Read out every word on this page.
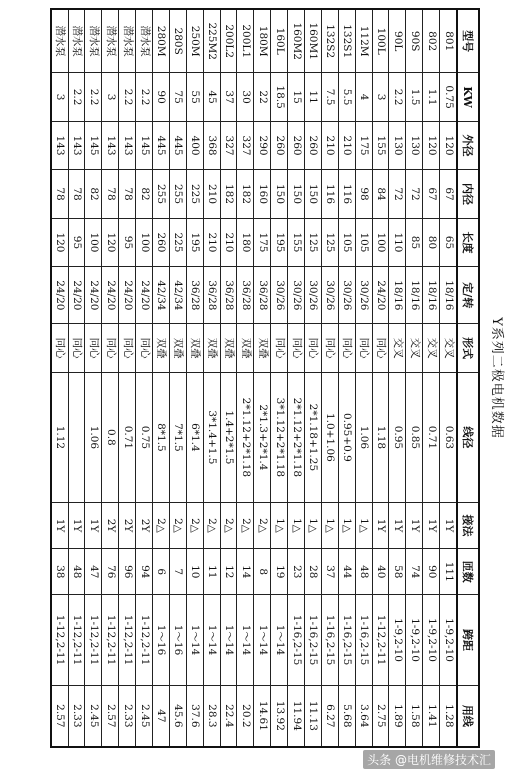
Y系列二极电机数据
型号	KW	外径	内径	长度	定/转	形式	线径	接法	匝数	跨距	用线
801	0.75	120	67	65	18/16	交叉	0.63	1Y	111	1-9,2-10	1.28
802	1.1	120	67	80	18/16	交叉	0.71	1Y	90	1-9,2-10	1.41
90S	1.5	130	72	85	18/16	交叉	0.85	1Y	74	1-9,2-10	1.58
90L	2.2	130	72	110	18/16	交叉	0.95	1Y	58	1-9,2-10	1.89
100L	3	155	84	100	24/20	同心	1.18	1Y	40	1-12,2-11	2.75
112M	4	175	98	105	30/26	同心	1.06	1△	48	1-16,2-15	3.64
132S1	5.5	210	116	105	30/26	同心	0.95+0.9	1△	44	1-16,2-15	5.68
132S2	7.5	210	116	125	30/26	同心	1.0+1.06	1△	37	1-16,2-15	6.27
160M1	11	260	150	125	30/26	同心	2*1.18+1.25	1△	28	1-16,2-15	11.13
160M2	15	260	150	155	30/26	同心	2*1.12+2*1.18	1△	23	1-16,2-15	11.94
160L	18.5	260	150	195	30/26	同心	3*1.12+2*1.18	1△	19	1～14	13.92
180M	22	290	160	175	36/28	双叠	2*1.3+2*1.4	2△	8	1～14	14.61
200L1	30	327	182	180	36/28	双叠	2*1.12+2*1.18	2△	14	1～14	20.2
200L2	37	327	182	210	36/28	双叠	1.4+2*1.5	2△	12	1～14	22.4
225M2	45	368	210	210	36/28	双叠	3*1.4+1.5	2△	11	1～14	28.3
250M	55	400	225	195	36/28	双叠	6*1.4	2△	10	1～14	37.6
280S	75	445	255	225	42/34	双叠	7*1.5	2△	7	1～16	45.6
280M	90	445	255	260	42/34	双叠	8*1.5	2△	6	1～16	47
潜水泵	2.2	145	82	100	24/20	同心	0.75	2Y	94	1-12,2-11	2.45
潜水泵	2.2	143	78	95	24/20	同心	0.71	2Y	96	1-12,2-11	2.33
潜水泵	3	143	78	120	24/20	同心	0.8	2Y	76	1-12,2-11	2.57
潜水泵	2.2	145	82	100	24/20	同心	1.06	1Y	47	1-12,2-11	2.45
潜水泵	2.2	143	78	95	24/20	同心		1Y	48	1-12,2-11	2.33
潜水泵	3	143	78	120	24/20	同心	1.12	1Y	38	1-12,2-11	2.57
头条 @电机维修技术汇
